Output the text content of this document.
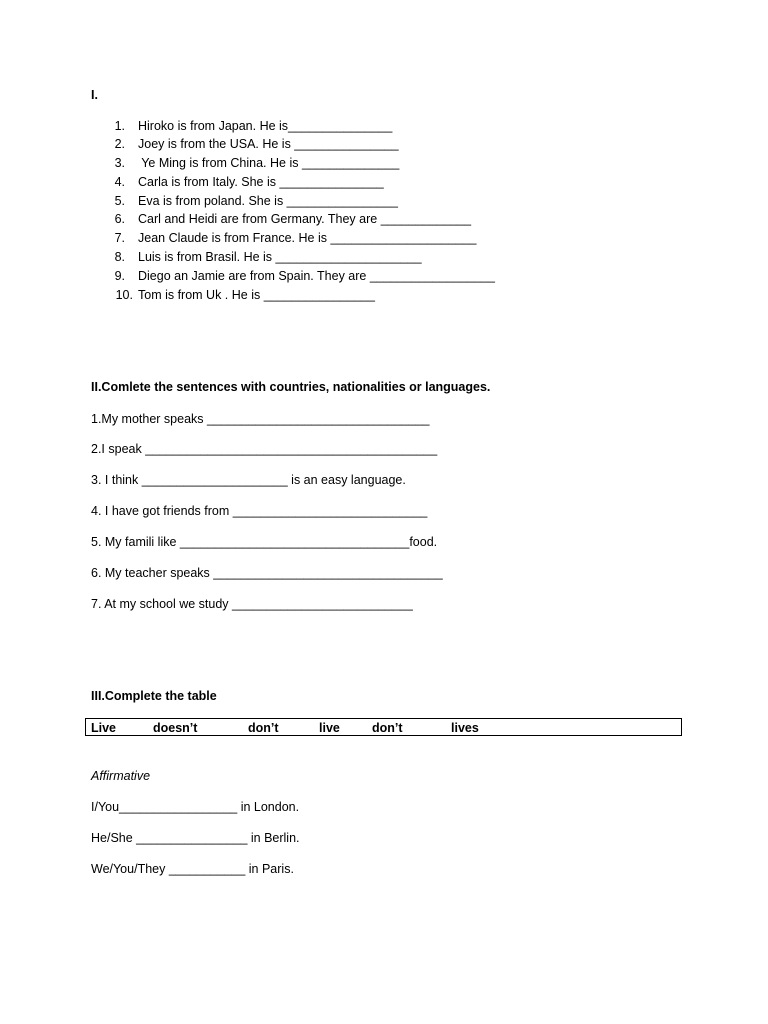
I.
1. Hiroko is from Japan. He is_______________
2. Joey is from the USA. He is _______________
3. Ye Ming is from China. He is ______________
4. Carla is from Italy. She is _______________
5. Eva is from poland. She is ________________
6. Carl and Heidi are from Germany. They are _____________
7. Jean Claude is from France. He is _____________________
8. Luis is from Brasil. He is _____________________
9. Diego an Jamie are from Spain. They are __________________
10. Tom is from Uk . He is ________________
II.Comlete the sentences with countries, nationalities or languages.
1.My mother speaks ________________________________
2.I speak __________________________________________
3. I think _____________________ is an easy language.
4. I have got friends from ____________________________
5. My famili like _________________________________food.
6. My teacher speaks _________________________________
7. At my school we study __________________________
III.Complete the table
Live	doesn’t	don’t	live	don’t	lives
Affirmative
I/You_________________ in London.
He/She ________________ in Berlin.
We/You/They ___________ in Paris.
